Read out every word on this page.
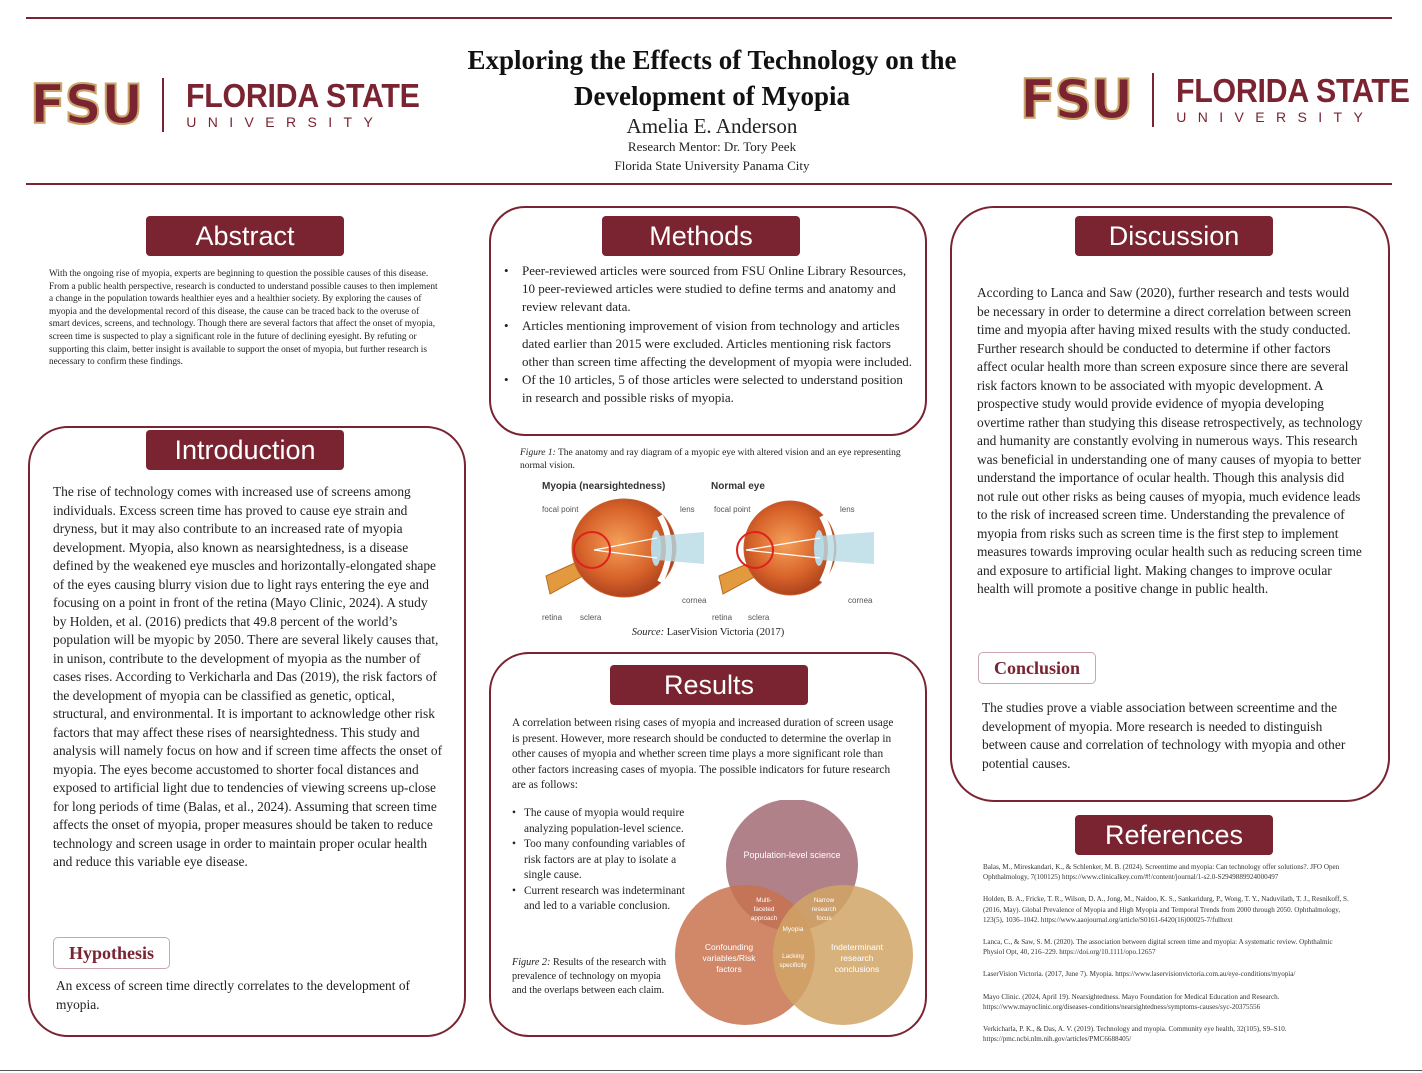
FSU FLORIDA STATE
UNIVERSITY	FSU FLORIDA STATE
UNIVERSITY
Exploring the Effects of Technology on the
Development of Myopia
Amelia E. Anderson
Research Mentor: Dr. Tory Peek
Florida State University Panama City
Abstract
With the ongoing rise of myopia, experts are beginning to question the possible causes of this disease. From a public health perspective, research is conducted to understand possible causes to then implement a change in the population towards healthier eyes and a healthier society. By exploring the causes of myopia and the developmental record of this disease, the cause can be traced back to the overuse of smart devices, screens, and technology. Though there are several factors that affect the onset of myopia, screen time is suspected to play a significant role in the future of declining eyesight. By refuting or supporting this claim, better insight is available to support the onset of myopia, but further research is necessary to confirm these findings.
Introduction
The rise of technology comes with increased use of screens among individuals. Excess screen time has proved to cause eye strain and dryness, but it may also contribute to an increased rate of myopia development. Myopia, also known as nearsightedness, is a disease defined by the weakened eye muscles and horizontally-elongated shape of the eyes causing blurry vision due to light rays entering the eye and focusing on a point in front of the retina (Mayo Clinic, 2024). A study by Holden, et al. (2016) predicts that 49.8 percent of the world’s population will be myopic by 2050. There are several likely causes that, in unison, contribute to the development of myopia as the number of cases rises. According to Verkicharla and Das (2019), the risk factors of the development of myopia can be classified as genetic, optical, structural, and environmental. It is important to acknowledge other risk factors that may affect these rises of nearsightedness. This study and analysis will namely focus on how and if screen time affects the onset of myopia. The eyes become accustomed to shorter focal distances and exposed to artificial light due to tendencies of viewing screens up-close for long periods of time (Balas, et al., 2024). Assuming that screen time affects the onset of myopia, proper measures should be taken to reduce technology and screen usage in order to maintain proper ocular health and reduce this variable eye disease.
Hypothesis
An excess of screen time directly correlates to the development of myopia.
Methods
• Peer-reviewed articles were sourced from FSU Online Library Resources, 10 peer-reviewed articles were studied to define terms and anatomy and review relevant data.
• Articles mentioning improvement of vision from technology and articles dated earlier than 2015 were excluded. Articles mentioning risk factors other than screen time affecting the development of myopia were included.
• Of the 10 articles, 5 of those articles were selected to understand position in research and possible risks of myopia.
Figure 1: The anatomy and ray diagram of a myopic eye with altered vision and an eye representing normal vision.
Myopia (nearsightedness)	Normal eye
focal point	lens
cornea
retina sclera
focal point	lens
cornea
retina sclera
Source: LaserVision Victoria (2017)
Results
A correlation between rising cases of myopia and increased duration of screen usage is present. However, more research should be conducted to determine the overlap in other causes of myopia and whether screen time plays a more significant role than other factors increasing cases of myopia. The possible indicators for future research are as follows:
• The cause of myopia would require analyzing population-level science.
• Too many confounding variables of risk factors are at play to isolate a single cause.
• Current research was indeterminant and led to a variable conclusion.
Figure 2: Results of the research with prevalence of technology on myopia and the overlaps between each claim.
Population-level science
Confounding
variables/Risk
factors
Indeterminant
research
conclusions
Multi-
faceted
approach
Narrow
research
focus
Myopia
Lacking
specificity
Discussion
According to Lanca and Saw (2020), further research and tests would be necessary in order to determine a direct correlation between screen time and myopia after having mixed results with the study conducted. Further research should be conducted to determine if other factors affect ocular health more than screen exposure since there are several risk factors known to be associated with myopic development. A prospective study would provide evidence of myopia developing overtime rather than studying this disease retrospectively, as technology and humanity are constantly evolving in numerous ways. This research was beneficial in understanding one of many causes of myopia to better understand the importance of ocular health. Though this analysis did not rule out other risks as being causes of myopia, much evidence leads to the risk of increased screen time. Understanding the prevalence of myopia from risks such as screen time is the first step to implement measures towards improving ocular health such as reducing screen time and exposure to artificial light. Making changes to improve ocular health will promote a positive change in public health.
Conclusion
The studies prove a viable association between screentime and the development of myopia. More research is needed to distinguish between cause and correlation of technology with myopia and other potential causes.
References
Balas, M., Mireskandari, K., & Schlenker, M. B. (2024). Screentime and myopia: Can technology offer solutions?. JFO Open Ophthalmology, 7(100125) https://www.clinicalkey.com/#!/content/journal/1-s2.0-S2949889924000497
Holden, B. A., Fricke, T. R., Wilson, D. A., Jong, M., Naidoo, K. S., Sankaridurg, P., Wong, T. Y., Naduvilath, T. J., Resnikoff, S. (2016, May). Global Prevalence of Myopia and High Myopia and Temporal Trends from 2000 through 2050. Ophthalmology, 123(5), 1036–1042. https://www.aaojournal.org/article/S0161-6420(16)00025-7/fulltext
Lanca, C., & Saw, S. M. (2020). The association between digital screen time and myopia: A systematic review. Ophthalmic Physiol Opt, 40, 216–229. https://doi.org/10.1111/opo.12657
LaserVision Victoria. (2017, June 7). Myopia. https://www.laservisionvictoria.com.au/eye-conditions/myopia/
Mayo Clinic. (2024, April 19). Nearsightedness. Mayo Foundation for Medical Education and Research. https://www.mayoclinic.org/diseases-conditions/nearsightedness/symptoms-causes/syc-20375556
Verkicharla, P. K., & Das, A. V. (2019). Technology and myopia. Community eye health, 32(105), S9–S10. https://pmc.ncbi.nlm.nih.gov/articles/PMC6688405/
